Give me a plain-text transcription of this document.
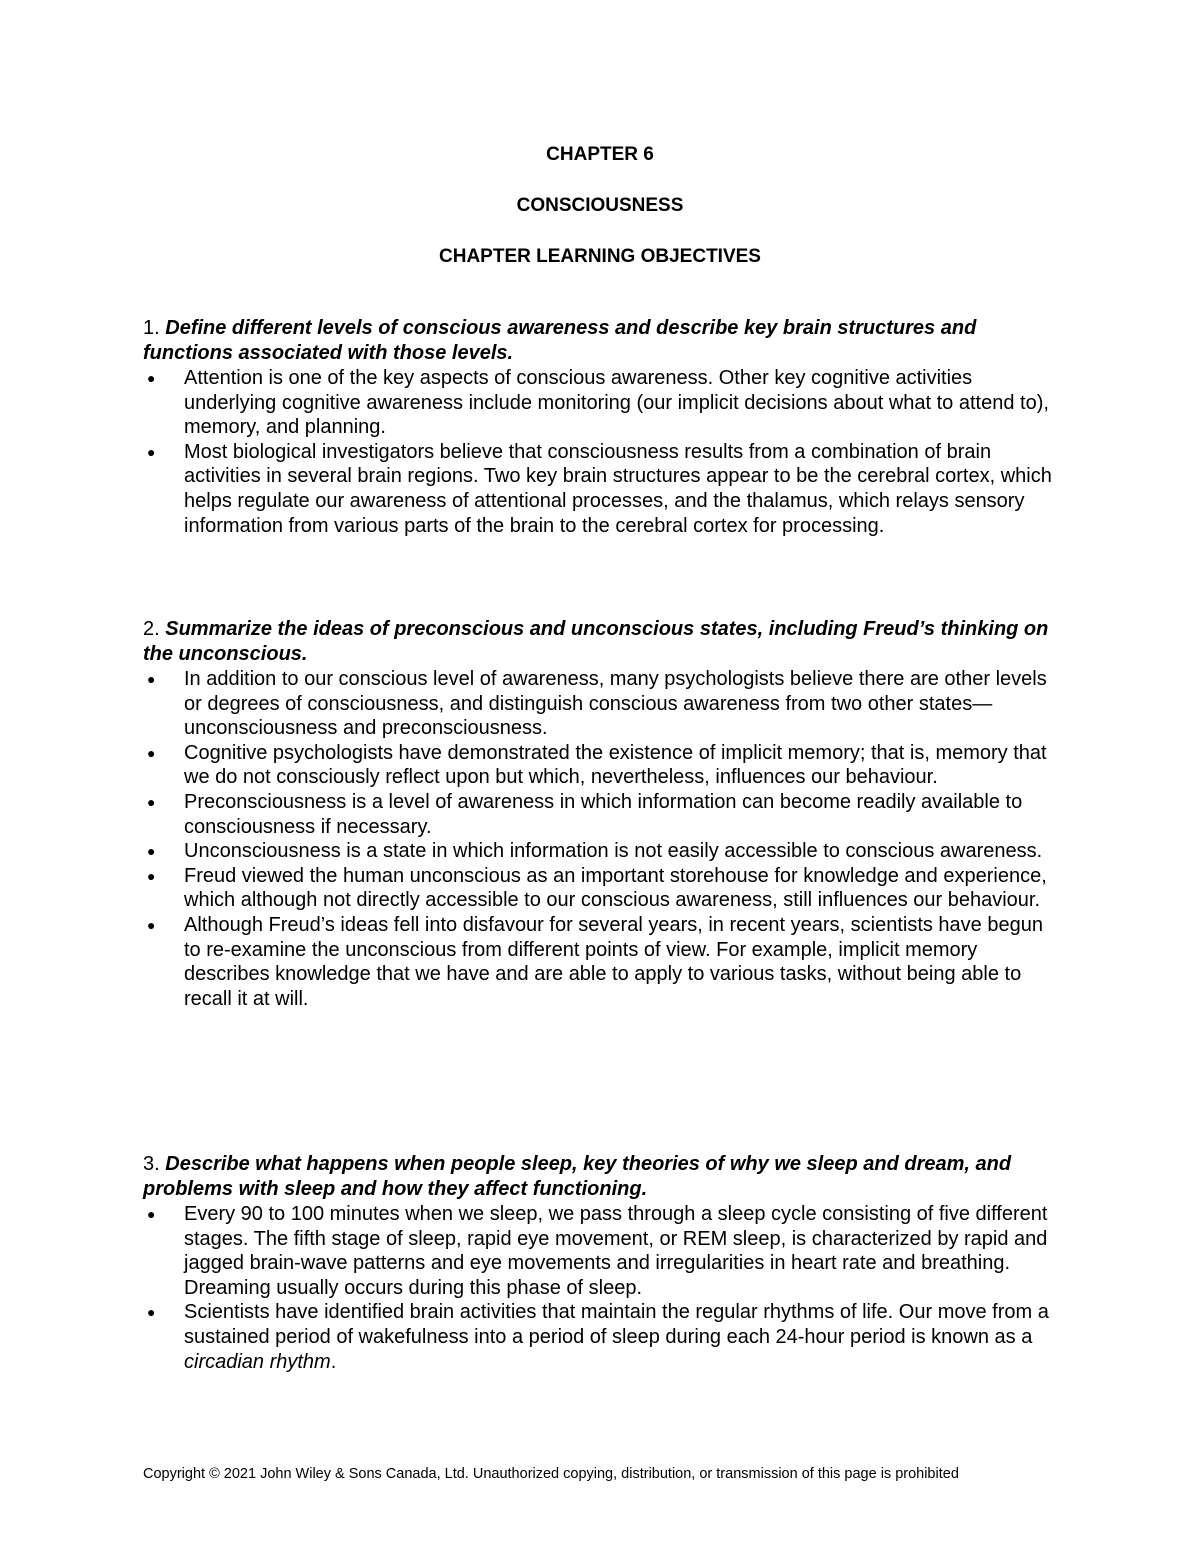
CHAPTER 6
CONSCIOUSNESS
CHAPTER LEARNING OBJECTIVES

1. Define different levels of conscious awareness and describe key brain structures and functions associated with those levels.

● Attention is one of the key aspects of conscious awareness. Other key cognitive activities underlying cognitive awareness include monitoring (our implicit decisions about what to attend to), memory, and planning.
● Most biological investigators believe that consciousness results from a combination of brain activities in several brain regions. Two key brain structures appear to be the cerebral cortex, which helps regulate our awareness of attentional processes, and the thalamus, which relays sensory information from various parts of the brain to the cerebral cortex for processing.

2. Summarize the ideas of preconscious and unconscious states, including Freud’s thinking on the unconscious.

● In addition to our conscious level of awareness, many psychologists believe there are other levels or degrees of consciousness, and distinguish conscious awareness from two other states—unconsciousness and preconsciousness.
● Cognitive psychologists have demonstrated the existence of implicit memory; that is, memory that we do not consciously reflect upon but which, nevertheless, influences our behaviour.
● Preconsciousness is a level of awareness in which information can become readily available to consciousness if necessary.
● Unconsciousness is a state in which information is not easily accessible to conscious awareness.
● Freud viewed the human unconscious as an important storehouse for knowledge and experience, which although not directly accessible to our conscious awareness, still influences our behaviour.
● Although Freud’s ideas fell into disfavour for several years, in recent years, scientists have begun to re-examine the unconscious from different points of view. For example, implicit memory describes knowledge that we have and are able to apply to various tasks, without being able to recall it at will.

3. Describe what happens when people sleep, key theories of why we sleep and dream, and problems with sleep and how they affect functioning.

● Every 90 to 100 minutes when we sleep, we pass through a sleep cycle consisting of five different stages. The fifth stage of sleep, rapid eye movement, or REM sleep, is characterized by rapid and jagged brain-wave patterns and eye movements and irregularities in heart rate and breathing. Dreaming usually occurs during this phase of sleep.
● Scientists have identified brain activities that maintain the regular rhythms of life. Our move from a sustained period of wakefulness into a period of sleep during each 24-hour period is known as a circadian rhythm.
Copyright © 2021 John Wiley & Sons Canada, Ltd. Unauthorized copying, distribution, or transmission of this page is prohibited
